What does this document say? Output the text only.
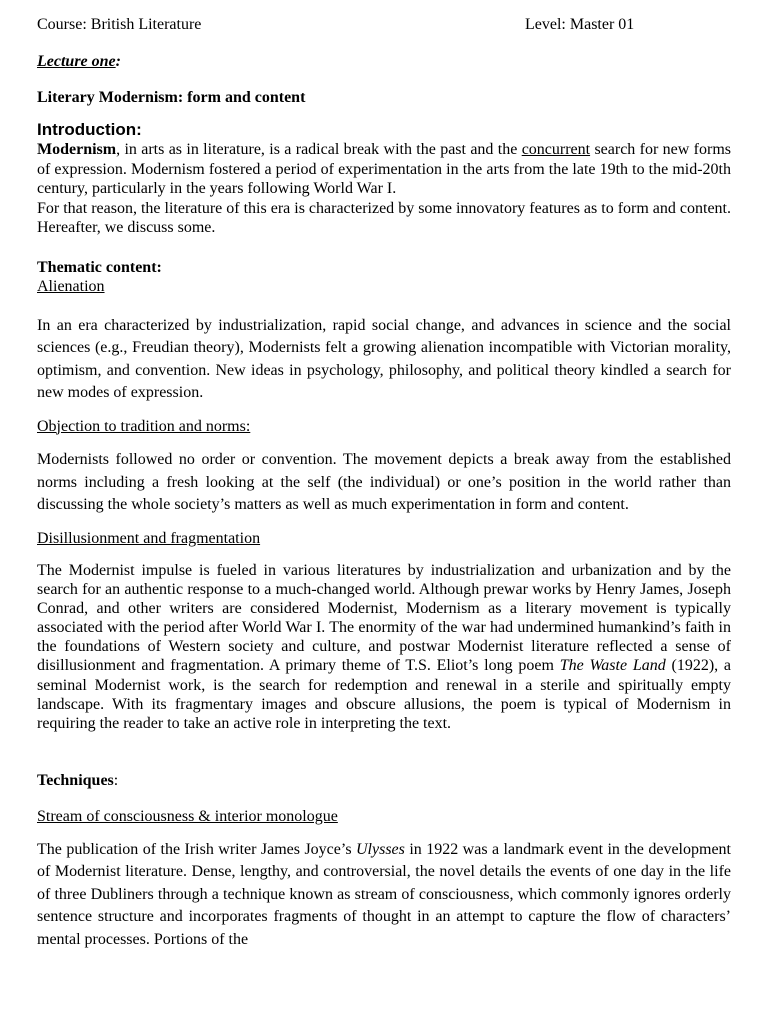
Course: British Literature	Level: Master 01

Lecture one:

Literary Modernism: form and content

Introduction:

Modernism, in arts as in literature, is a radical break with the past and the concurrent search for new forms of expression. Modernism fostered a period of experimentation in the arts from the late 19th to the mid-20th century, particularly in the years following World War I.

For that reason, the literature of this era is characterized by some innovatory features as to form and content. Hereafter, we discuss some.

Thematic content:

Alienation

In an era characterized by industrialization, rapid social change, and advances in science and the social sciences (e.g., Freudian theory), Modernists felt a growing alienation incompatible with Victorian morality, optimism, and convention. New ideas in psychology, philosophy, and political theory kindled a search for new modes of expression.

Objection to tradition and norms:

Modernists followed no order or convention. The movement depicts a break away from the established norms including a fresh looking at the self (the individual) or one’s position in the world rather than discussing the whole society’s matters as well as much experimentation in form and content.

Disillusionment and fragmentation

The Modernist impulse is fueled in various literatures by industrialization and urbanization and by the search for an authentic response to a much-changed world. Although prewar works by Henry James, Joseph Conrad, and other writers are considered Modernist, Modernism as a literary movement is typically associated with the period after World War I. The enormity of the war had undermined humankind’s faith in the foundations of Western society and culture, and postwar Modernist literature reflected a sense of disillusionment and fragmentation. A primary theme of T.S. Eliot’s long poem The Waste Land (1922), a seminal Modernist work, is the search for redemption and renewal in a sterile and spiritually empty landscape. With its fragmentary images and obscure allusions, the poem is typical of Modernism in requiring the reader to take an active role in interpreting the text.

Techniques:

Stream of consciousness & interior monologue

The publication of the Irish writer James Joyce’s Ulysses in 1922 was a landmark event in the development of Modernist literature. Dense, lengthy, and controversial, the novel details the events of one day in the life of three Dubliners through a technique known as stream of consciousness, which commonly ignores orderly sentence structure and incorporates fragments of thought in an attempt to capture the flow of characters’ mental processes. Portions of the
